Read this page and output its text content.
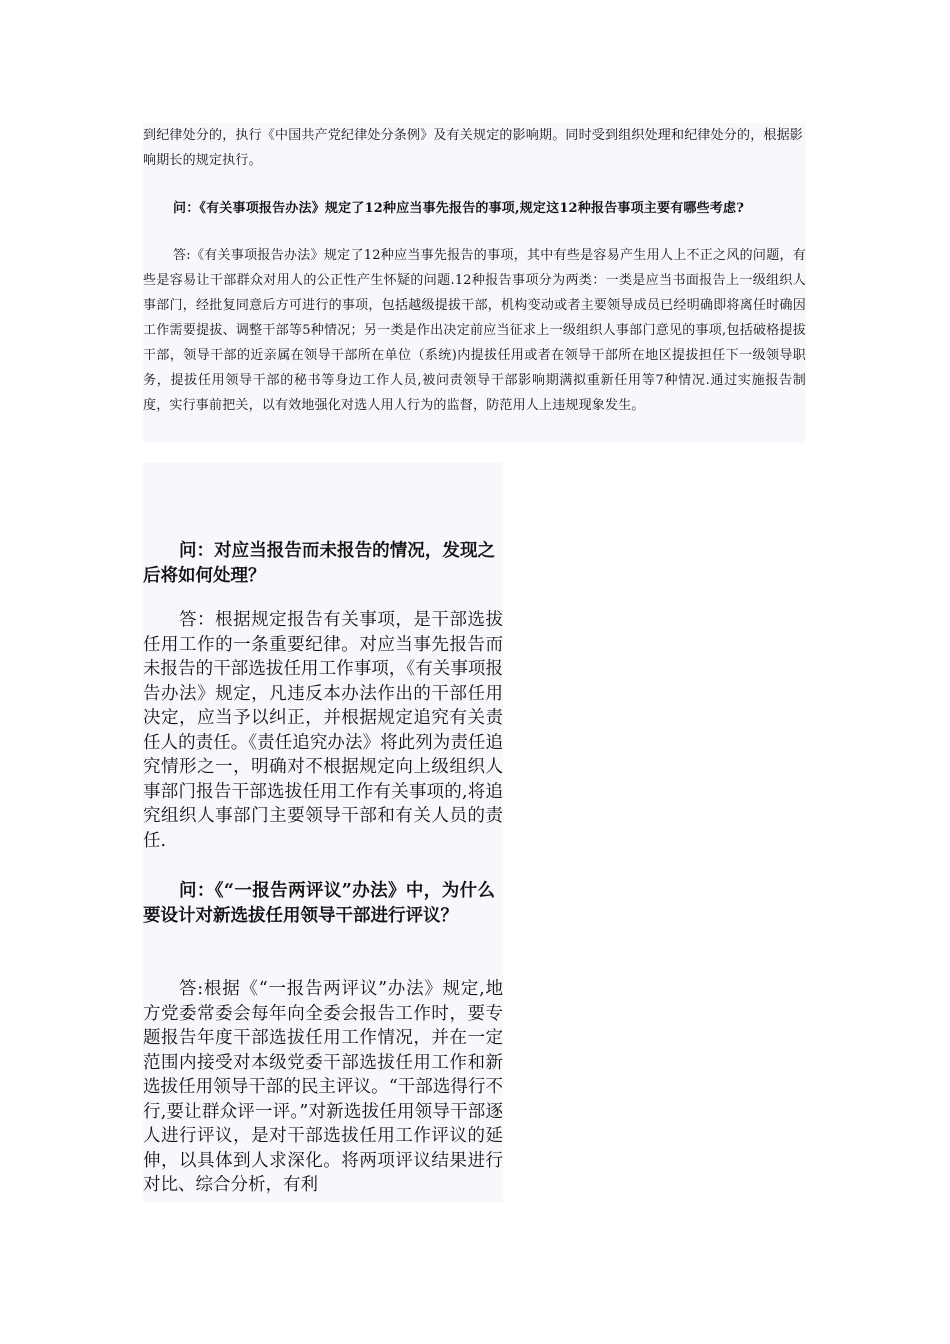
到纪律处分的，执行《中国共产党纪律处分条例》及有关规定的影响期。同时受到组织处理和纪律处分的，根据影响期长的规定执行。

问：《有关事项报告办法》规定了12种应当事先报告的事项,规定这12种报告事项主要有哪些考虑?

答:《有关事项报告办法》规定了12种应当事先报告的事项，其中有些是容易产生用人上不正之风的问题，有些是容易让干部群众对用人的公正性产生怀疑的问题.12种报告事项分为两类：一类是应当书面报告上一级组织人事部门，经批复同意后方可进行的事项，包括越级提拔干部，机构变动或者主要领导成员已经明确即将离任时确因工作需要提拔、调整干部等5种情况；另一类是作出决定前应当征求上一级组织人事部门意见的事项,包括破格提拔干部，领导干部的近亲属在领导干部所在单位（系统)内提拔任用或者在领导干部所在地区提拔担任下一级领导职务，提拔任用领导干部的秘书等身边工作人员,被问责领导干部影响期满拟重新任用等7种情况.通过实施报告制度，实行事前把关，以有效地强化对选人用人行为的监督，防范用人上违规现象发生。

问：对应当报告而未报告的情况，发现之后将如何处理？

答：根据规定报告有关事项，是干部选拔任用工作的一条重要纪律。对应当事先报告而未报告的干部选拔任用工作事项，《有关事项报告办法》规定，凡违反本办法作出的干部任用决定，应当予以纠正，并根据规定追究有关责任人的责任。《责任追究办法》将此列为责任追究情形之一，明确对不根据规定向上级组织人事部门报告干部选拔任用工作有关事项的,将追究组织人事部门主要领导干部和有关人员的责任.

问：《“一报告两评议”办法》中，为什么要设计对新选拔任用领导干部进行评议？

答:根据《“一报告两评议”办法》规定,地方党委常委会每年向全委会报告工作时，要专题报告年度干部选拔任用工作情况，并在一定范围内接受对本级党委干部选拔任用工作和新选拔任用领导干部的民主评议。“干部选得行不行,要让群众评一评。”对新选拔任用领导干部逐人进行评议，是对干部选拔任用工作评议的延伸，以具体到人求深化。将两项评议结果进行对比、综合分析，有利
